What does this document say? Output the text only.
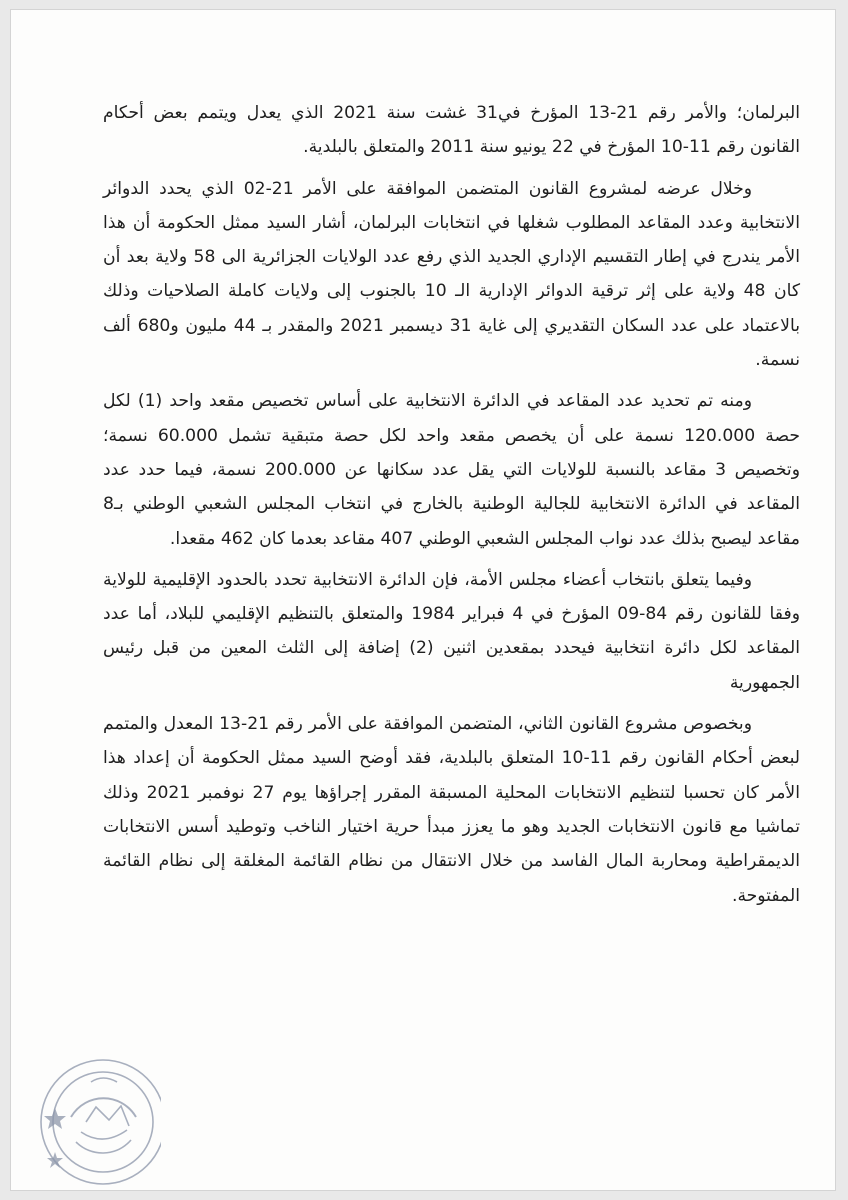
البرلمان؛ والأمر رقم 21-13 المؤرخ في31 غشت سنة 2021 الذي يعدل ويتمم بعض أحكام القانون رقم 11-10 المؤرخ في 22 يونيو سنة 2011 والمتعلق بالبلدية.

وخلال عرضه لمشروع القانون المتضمن الموافقة على الأمر 21-02 الذي يحدد الدوائر الانتخابية وعدد المقاعد المطلوب شغلها في انتخابات البرلمان، أشار السيد ممثل الحكومة أن هذا الأمر يندرج في إطار التقسيم الإداري الجديد الذي رفع عدد الولايات الجزائرية الى 58 ولاية بعد أن كان 48 ولاية على إثر ترقية الدوائر الإدارية الـ 10 بالجنوب إلى ولايات كاملة الصلاحيات وذلك بالاعتماد على عدد السكان التقديري إلى غاية 31 ديسمبر 2021 والمقدر بـ 44 مليون و680 ألف نسمة.

ومنه تم تحديد عدد المقاعد في الدائرة الانتخابية على أساس تخصيص مقعد واحد (1) لكل حصة 120.000 نسمة على أن يخصص مقعد واحد لكل حصة متبقية تشمل 60.000 نسمة؛ وتخصيص 3 مقاعد بالنسبة للولايات التي يقل عدد سكانها عن 200.000 نسمة، فيما حدد عدد المقاعد في الدائرة الانتخابية للجالية الوطنية بالخارج في انتخاب المجلس الشعبي الوطني بـ8 مقاعد ليصبح بذلك عدد نواب المجلس الشعبي الوطني 407 مقاعد بعدما كان 462 مقعدا.

وفيما يتعلق بانتخاب أعضاء مجلس الأمة، فإن الدائرة الانتخابية تحدد بالحدود الإقليمية للولاية وفقا للقانون رقم 84-09 المؤرخ في 4 فبراير 1984 والمتعلق بالتنظيم الإقليمي للبلاد، أما عدد المقاعد لكل دائرة انتخابية فيحدد بمقعدين اثنين (2) إضافة إلى الثلث المعين من قبل رئيس الجمهورية

وبخصوص مشروع القانون الثاني، المتضمن الموافقة على الأمر رقم 21-13 المعدل والمتمم لبعض أحكام القانون رقم 11-10 المتعلق بالبلدية، فقد أوضح السيد ممثل الحكومة أن إعداد هذا الأمر كان تحسبا لتنظيم الانتخابات المحلية المسبقة المقرر إجراؤها يوم 27 نوفمبر 2021 وذلك تماشيا مع قانون الانتخابات الجديد وهو ما يعزز مبدأ حرية اختيار الناخب وتوطيد أسس الانتخابات الديمقراطية ومحاربة المال الفاسد من خلال الانتقال من نظام القائمة المغلقة إلى نظام القائمة المفتوحة.
